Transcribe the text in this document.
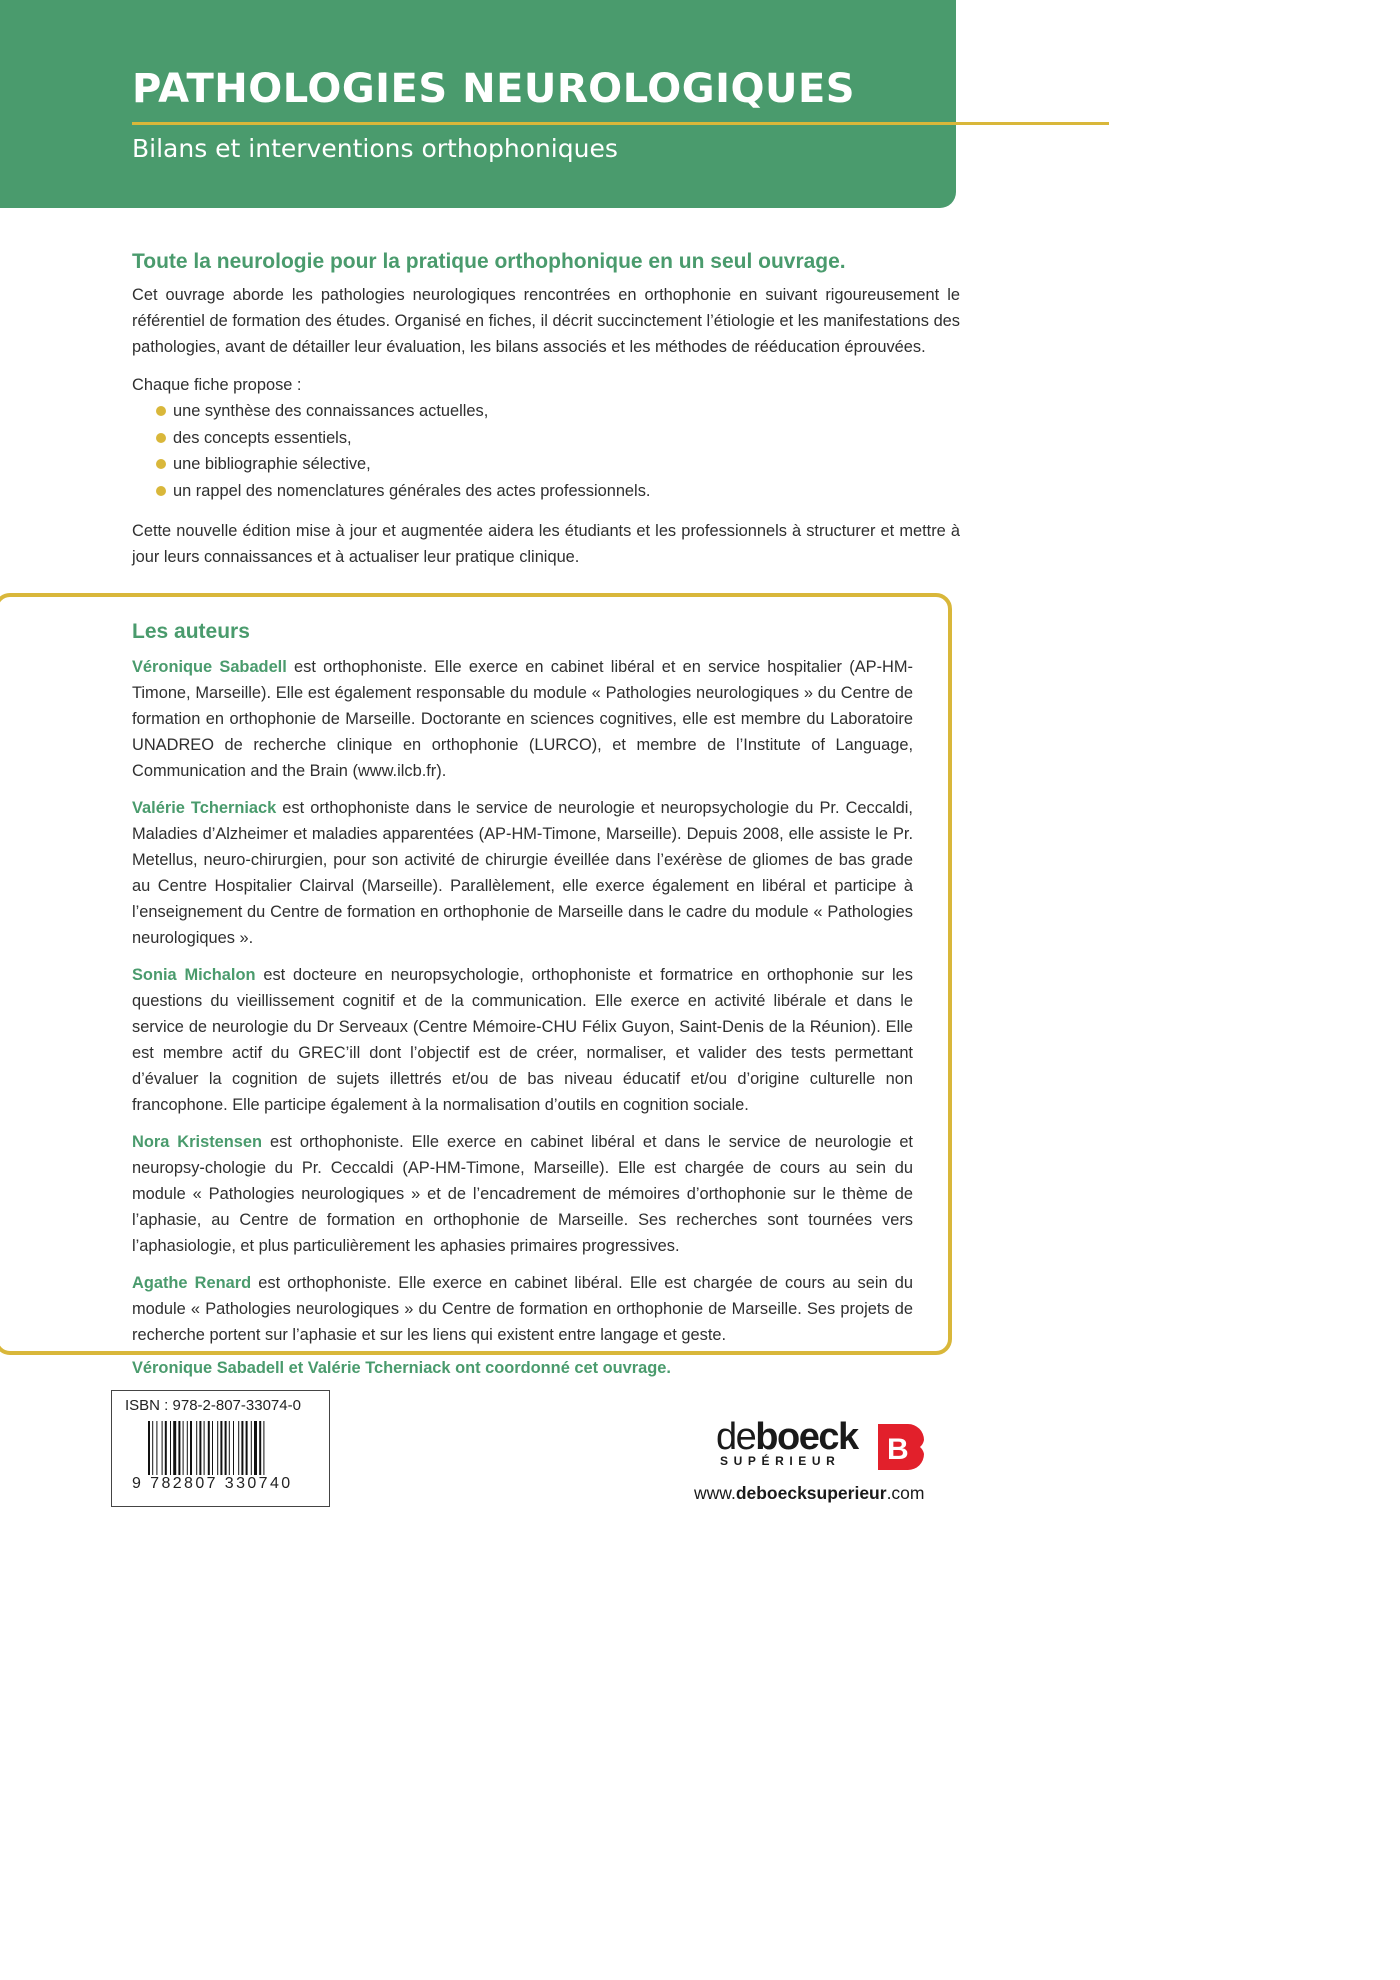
PATHOLOGIES NEUROLOGIQUES

Bilans et interventions orthophoniques

Toute la neurologie pour la pratique orthophonique en un seul ouvrage.

Cet ouvrage aborde les pathologies neurologiques rencontrées en orthophonie en suivant rigoureusement le référentiel de formation des études. Organisé en fiches, il décrit succinctement l’étiologie et les manifestations des pathologies, avant de détailler leur évaluation, les bilans associés et les méthodes de rééducation éprouvées.

Chaque fiche propose :

une synthèse des connaissances actuelles,
des concepts essentiels,
une bibliographie sélective,
un rappel des nomenclatures générales des actes professionnels.

Cette nouvelle édition mise à jour et augmentée aidera les étudiants et les professionnels à structurer et mettre à jour leurs connaissances et à actualiser leur pratique clinique.

Les auteurs

Véronique Sabadell est orthophoniste. Elle exerce en cabinet libéral et en service hospitalier (AP-HM-Timone, Marseille). Elle est également responsable du module « Pathologies neurologiques » du Centre de formation en orthophonie de Marseille. Doctorante en sciences cognitives, elle est membre du Laboratoire UNADREO de recherche clinique en orthophonie (LURCO), et membre de l’Institute of Language, Communication and the Brain (www.ilcb.fr).

Valérie Tcherniack est orthophoniste dans le service de neurologie et neuropsychologie du Pr. Ceccaldi, Maladies d’Alzheimer et maladies apparentées (AP-HM-Timone, Marseille). Depuis 2008, elle assiste le Pr. Metellus, neuro-chirurgien, pour son activité de chirurgie éveillée dans l’exérèse de gliomes de bas grade au Centre Hospitalier Clairval (Marseille). Parallèlement, elle exerce également en libéral et participe à l’enseignement du Centre de formation en orthophonie de Marseille dans le cadre du module « Pathologies neurologiques ».

Sonia Michalon est docteure en neuropsychologie, orthophoniste et formatrice en orthophonie sur les questions du vieillissement cognitif et de la communication. Elle exerce en activité libérale et dans le service de neurologie du Dr Serveaux (Centre Mémoire-CHU Félix Guyon, Saint-Denis de la Réunion). Elle est membre actif du GREC’ill dont l’objectif est de créer, normaliser, et valider des tests permettant d’évaluer la cognition de sujets illettrés et/ou de bas niveau éducatif et/ou d’origine culturelle non francophone. Elle participe également à la normalisation d’outils en cognition sociale.

Nora Kristensen est orthophoniste. Elle exerce en cabinet libéral et dans le service de neurologie et neuropsy-chologie du Pr. Ceccaldi (AP-HM-Timone, Marseille). Elle est chargée de cours au sein du module « Pathologies neurologiques » et de l’encadrement de mémoires d’orthophonie sur le thème de l’aphasie, au Centre de formation en orthophonie de Marseille. Ses recherches sont tournées vers l’aphasiologie, et plus particulièrement les aphasies primaires progressives.

Agathe Renard est orthophoniste. Elle exerce en cabinet libéral. Elle est chargée de cours au sein du module « Pathologies neurologiques » du Centre de formation en orthophonie de Marseille. Ses projets de recherche portent sur l’aphasie et sur les liens qui existent entre langage et geste.

Véronique Sabadell et Valérie Tcherniack ont coordonné cet ouvrage.

ISBN : 978-2-807-33074-0
9 782807 330740
deboeck
SUPÉRIEUR B
www.deboecksuperieur.com
